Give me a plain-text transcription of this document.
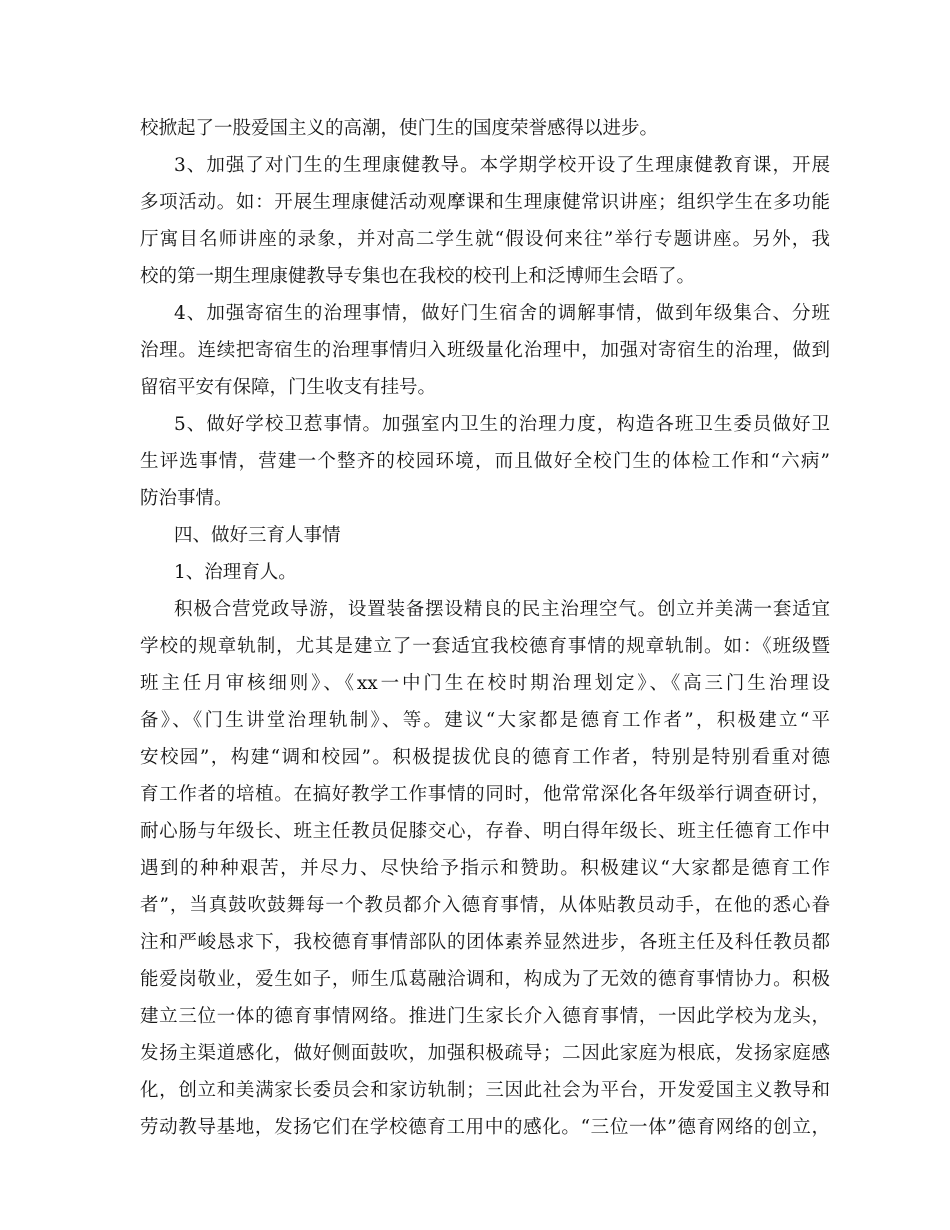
校掀起了一股爱国主义的高潮，使门生的国度荣誉感得以进步。
3、加强了对门生的生理康健教导。本学期学校开设了生理康健教育课，开展
多项活动。如：开展生理康健活动观摩课和生理康健常识讲座；组织学生在多功能
厅寓目名师讲座的录象，并对高二学生就“假设何来往”举行专题讲座。另外，我
校的第一期生理康健教导专集也在我校的校刊上和泛博师生会晤了。
4、加强寄宿生的治理事情，做好门生宿舍的调解事情，做到年级集合、分班
治理。连续把寄宿生的治理事情归入班级量化治理中，加强对寄宿生的治理，做到
留宿平安有保障，门生收支有挂号。
5、做好学校卫惹事情。加强室内卫生的治理力度，构造各班卫生委员做好卫
生评选事情，营建一个整齐的校园环境，而且做好全校门生的体检工作和“六病”
防治事情。
四、做好三育人事情
1、治理育人。
积极合营党政导游，设置装备摆设精良的民主治理空气。创立并美满一套适宜
学校的规章轨制，尤其是建立了一套适宜我校德育事情的规章轨制。如：《班级暨
班主任月审核细则》、《xx一中门生在校时期治理划定》、《高三门生治理设
备》、《门生讲堂治理轨制》、等。建议“大家都是德育工作者”，积极建立“平
安校园”，构建“调和校园”。积极提拔优良的德育工作者，特别是特别看重对德
育工作者的培植。在搞好教学工作事情的同时，他常常深化各年级举行调查研讨，
耐心肠与年级长、班主任教员促膝交心，存眷、明白得年级长、班主任德育工作中
遇到的种种艰苦，并尽力、尽快给予指示和赞助。积极建议“大家都是德育工作
者”，当真鼓吹鼓舞每一个教员都介入德育事情，从体贴教员动手，在他的悉心眷
注和严峻恳求下，我校德育事情部队的团体素养显然进步，各班主任及科任教员都
能爱岗敬业，爱生如子，师生瓜葛融洽调和，构成为了无效的德育事情协力。积极
建立三位一体的德育事情网络。推进门生家长介入德育事情，一因此学校为龙头，
发扬主渠道感化，做好侧面鼓吹，加强积极疏导；二因此家庭为根底，发扬家庭感
化，创立和美满家长委员会和家访轨制；三因此社会为平台，开发爱国主义教导和
劳动教导基地，发扬它们在学校德育工用中的感化。“三位一体”德育网络的创立，
